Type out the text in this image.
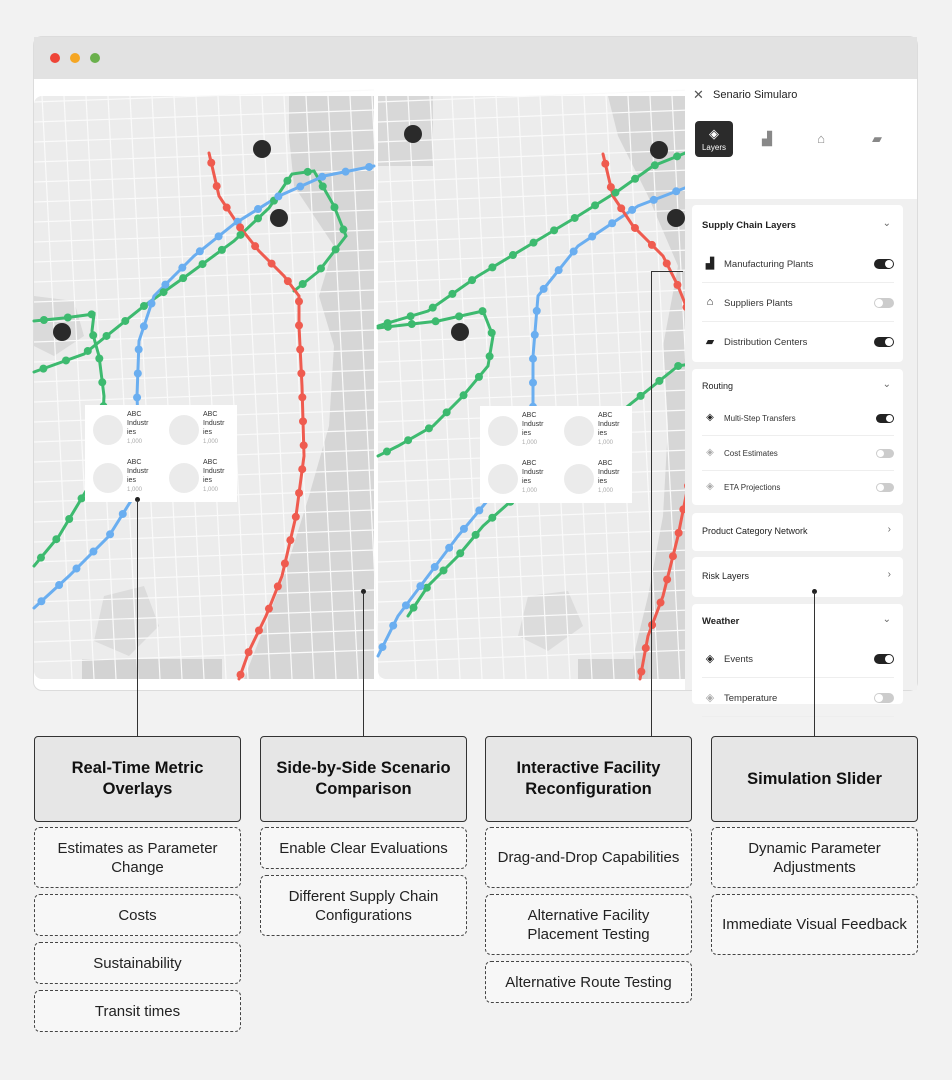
ABC Industr ies
1,000
ABC Industr ies
1,000
ABC Industr ies
1,000
ABC Industr ies
1,000
ABC Industr ies
1,000
ABC Industr ies
1,000
ABC Industr ies
1,000
ABC Industr ies
1,000
✕ Senario Simularo
◈
Layers
▟	⌂	▰
Supply Chain Layers	⌄
▟	Manufacturing Plants
⌂	Suppliers Plants
▰	Distribution Centers
Routing	⌄
◈	Multi-Step Transfers
◈	Cost Estimates
◈	ETA Projections
Product Category Network	›
Risk Layers	›
Weather	⌄
◈	Events
◈	Temperature
Real-Time Metric Overlays
Side-by-Side Scenario Comparison
Interactive Facility Reconfiguration
Simulation Slider
Estimates as Parameter Change
Costs
Sustainability
Transit times
Enable Clear Evaluations
Different Supply Chain Configurations
Drag-and-Drop Capabilities
Alternative Facility Placement Testing
Alternative Route Testing
Dynamic Parameter Adjustments
Immediate Visual Feedback
